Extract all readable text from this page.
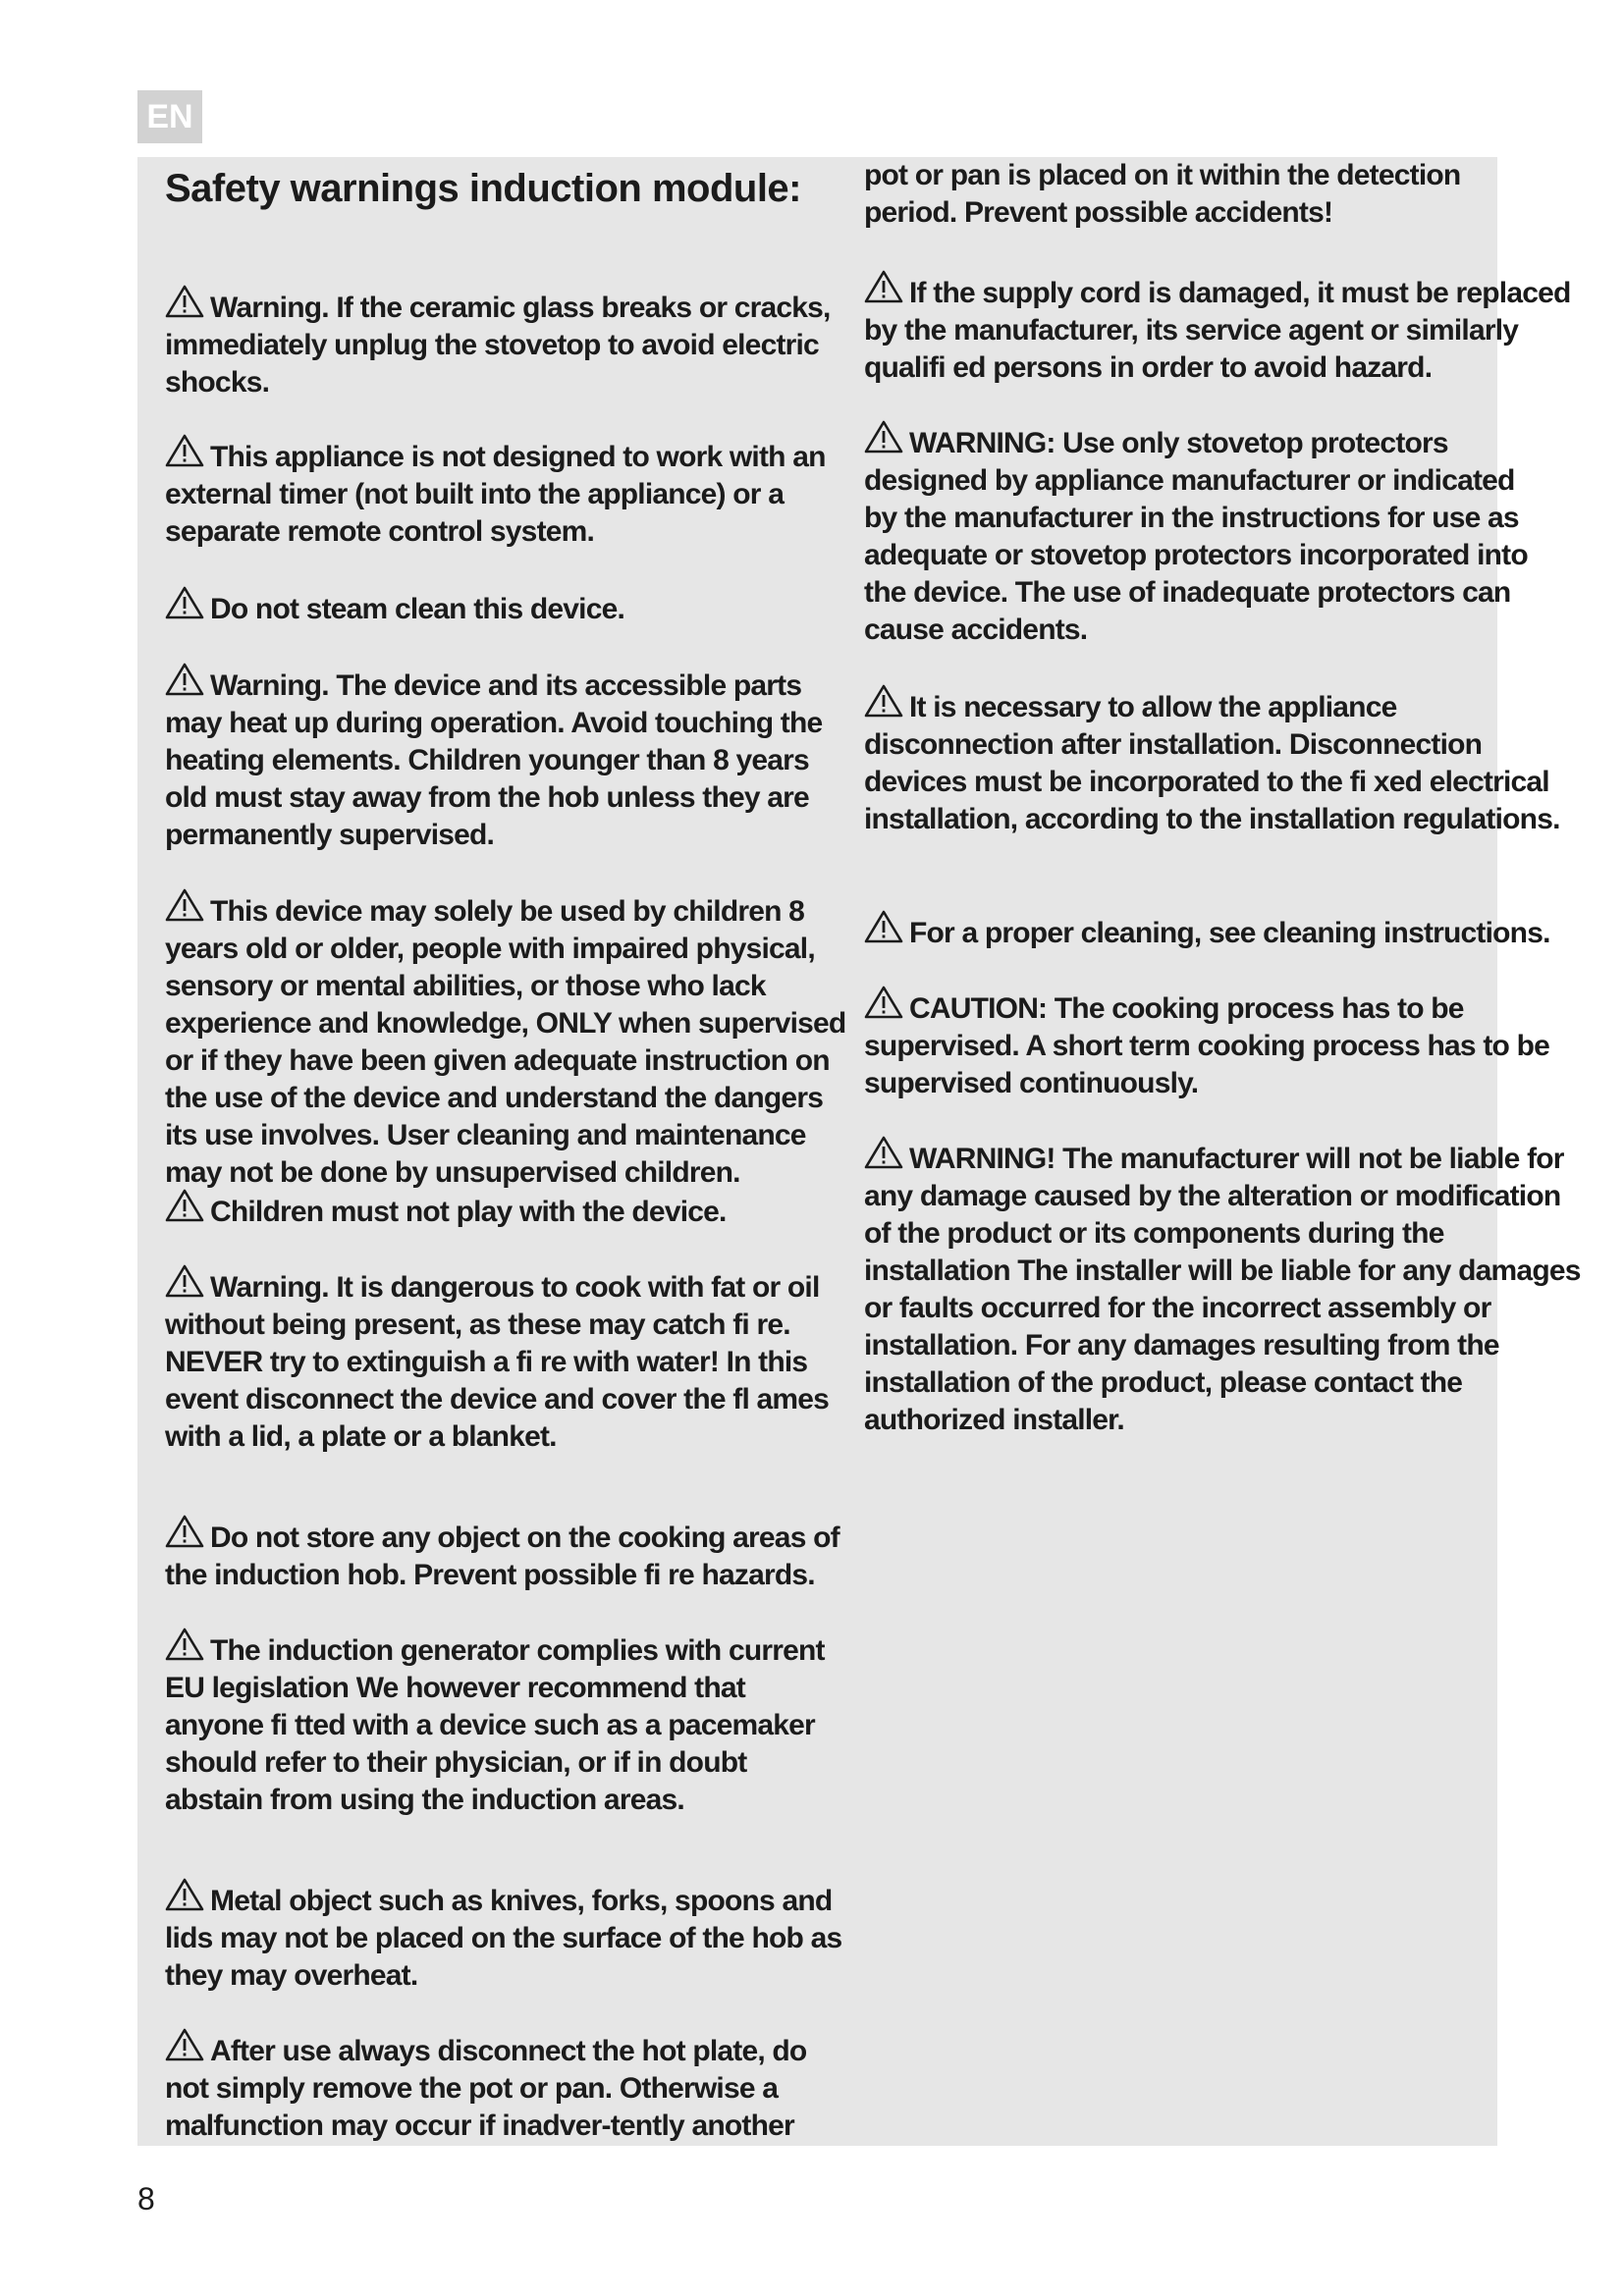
EN
Safety warnings induction module:

Warning. If the ceramic glass breaks or cracks, immediately unplug the stovetop to avoid electric shocks.

This appliance is not designed to work with an external timer (not built into the appliance) or a separate remote control system.

Do not steam clean this device.

Warning. The device and its accessible parts may heat up during operation. Avoid touching the heating elements. Children younger than 8 years old must stay away from the hob unless they are permanently supervised.

This device may solely be used by children 8 years old or older, people with impaired physical, sensory or mental abilities, or those who lack experience and knowledge, ONLY when supervised or if they have been given adequate instruction on the use of the device and understand the dangers its use involves. User cleaning and maintenance may not be done by unsupervised children.

Children must not play with the device.

Warning. It is dangerous to cook with fat or oil without being present, as these may catch fi re. NEVER try to extinguish a fi re with water! In this event disconnect the device and cover the fl ames with a lid, a plate or a blanket.

Do not store any object on the cooking areas of the induction hob. Prevent possible fi re hazards.

The induction generator complies with current EU legislation We however recommend that anyone fi tted with a device such as a pacemaker should refer to their physician, or if in doubt abstain from using the induction areas.

Metal object such as knives, forks, spoons and lids may not be placed on the surface of the hob as they may overheat.

After use always disconnect the hot plate, do not simply remove the pot or pan. Otherwise a malfunction may occur if inadver-tently another

pot or pan is placed on it within the detection period. Prevent possible accidents!

If the supply cord is damaged, it must be replaced by the manufacturer, its service agent or similarly qualifi ed persons in order to avoid hazard.

WARNING: Use only stovetop protectors designed by appliance manufacturer or indicated by the manufacturer in the instructions for use as adequate or stovetop protectors incorporated into the device. The use of inadequate protectors can cause accidents.

It is necessary to allow the appliance disconnection after installation. Disconnection devices must be incorporated to the fi xed electrical installation, according to the installation regulations.

For a proper cleaning, see cleaning instructions.

CAUTION: The cooking process has to be supervised. A short term cooking process has to be supervised continuously.

WARNING! The manufacturer will not be liable for any damage caused by the alteration or modification of the product or its components during the installation The installer will be liable for any damages or faults occurred for the incorrect assembly or installation. For any damages resulting from the installation of the product, please contact the authorized installer.

8
